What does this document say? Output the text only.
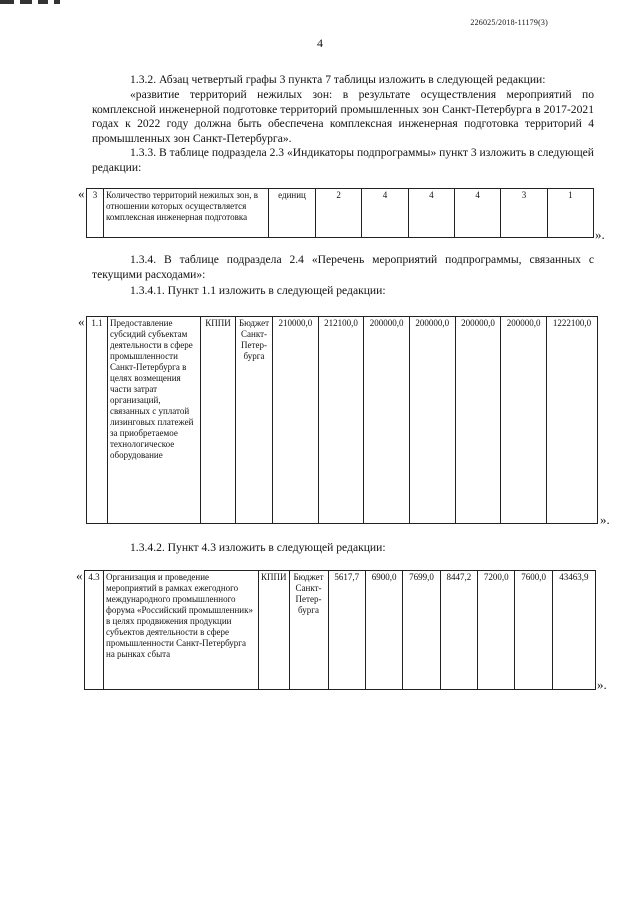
226025/2018-11179(3)
4

1.3.2. Абзац четвертый графы 3 пункта 7 таблицы изложить в следующей редакции:

«развитие территорий нежилых зон: в результате осуществления мероприятий по комплексной инженерной подготовке территорий промышленных зон Санкт-Петербурга в 2017-2021 годах к 2022 году должна быть обеспечена комплексная инженерная подготовка территорий 4 промышленных зон Санкт-Петербурга».

1.3.3. В таблице подраздела 2.3 «Индикаторы подпрограммы» пункт 3 изложить в следующей редакции:

« 3	Количество территорий нежилых зон, в отношении которых осуществляется комплексная инженерная подготовка	единиц	2	4	4	4	3	1
».

1.3.4. В таблице подраздела 2.4 «Перечень мероприятий подпрограммы, связанных с текущими расходами»:

1.3.4.1. Пункт 1.1 изложить в следующей редакции:

« 1.1	Предоставление субсидий субъектам деятельности в сфере промышленности Санкт-Петербурга в целях возмещения части затрат организаций, связанных с уплатой лизинговых платежей за приобретаемое технологическое оборудование	КППИ	Бюджет Санкт-Петер-бурга	210000,0	212100,0	200000,0	200000,0	200000,0	200000,0	1222100,0
».

1.3.4.2. Пункт 4.3 изложить в следующей редакции:

« 4.3	Организация и проведение мероприятий в рамках ежегодного международного промышленного форума «Российский промышленник» в целях продвижения продукции субъектов деятельности в сфере промышленности Санкт-Петербурга на рынках сбыта	КППИ	Бюджет Санкт-Петер-бурга	5617,7	6900,0	7699,0	8447,2	7200,0	7600,0	43463,9
».
